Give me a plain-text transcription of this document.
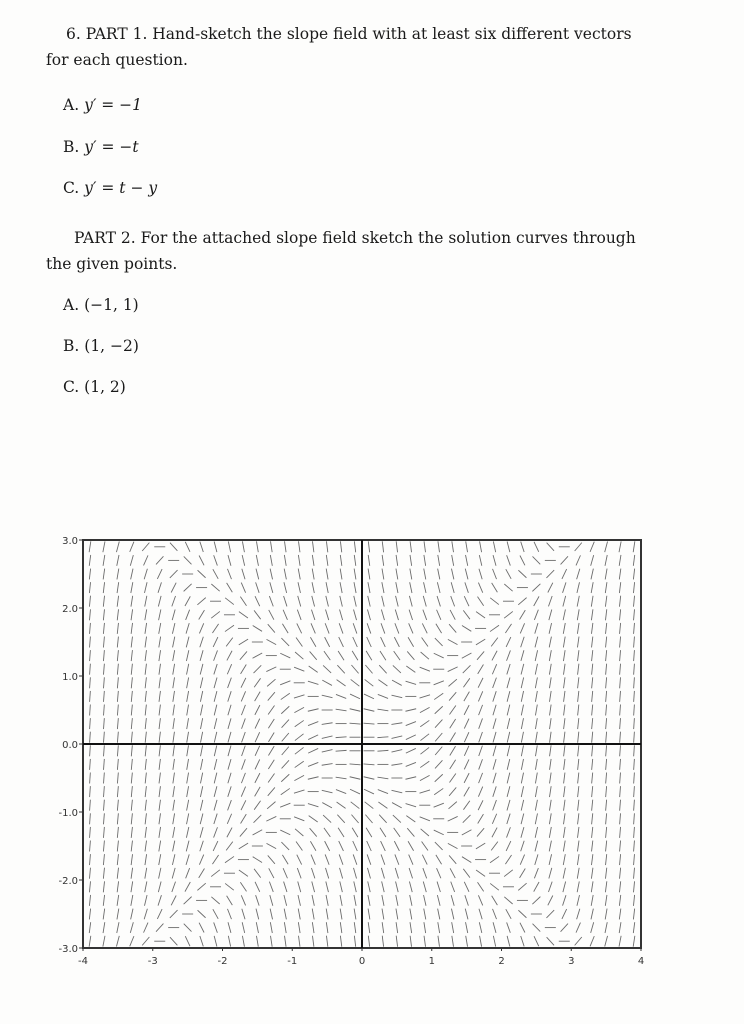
6. PART 1. Hand-sketch the slope field with at least six different vectors

for each question.

A. y′ = −1
B. y′ = −t
C. y′ = t − y

PART 2. For the attached slope field sketch the solution curves through

the given points.

A. (−1, 1)
B. (1, −2)
C. (1, 2)
-4	-3	-2	-1	0	1	2	3	4
3.0
2.0
1.0
0.0
-1.0
-2.0
-3.0
